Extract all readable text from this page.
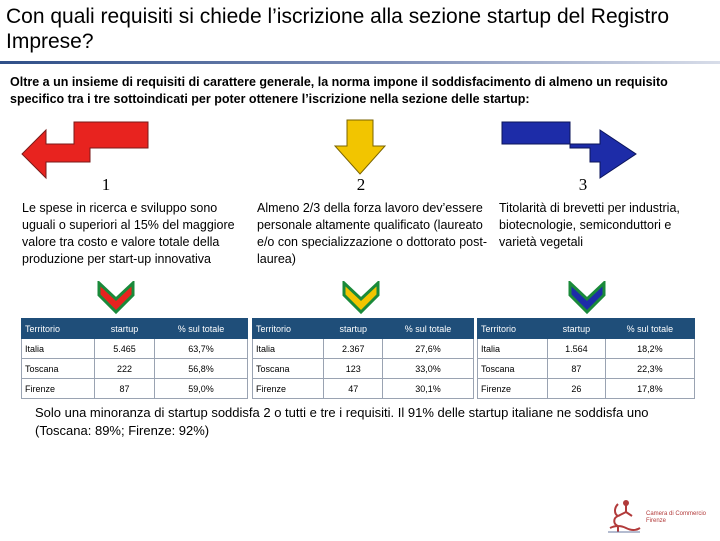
Con quali requisiti si chiede l’iscrizione alla sezione startup del Registro Imprese?
Oltre a un insieme di requisiti di carattere generale, la norma impone il soddisfacimento di almeno un requisito specifico tra i tre sottoindicati per poter ottenere l’iscrizione nella sezione delle startup:
1	2	3
Le spese in ricerca e sviluppo sono uguali o superiori al 15% del maggiore valore tra costo e valore totale della produzione per start-up innovativa
Almeno 2/3 della forza lavoro dev’essere personale altamente qualificato (laureato e/o con specializzazione o dottorato post-laurea)
Titolarità di brevetti per industria, biotecnologie, semiconduttori e varietà vegetali
Territorio	startup	% sul totale
Italia	5.465	63,7%
Toscana	222	56,8%
Firenze	87	59,0%
Territorio	startup	% sul totale
Italia	2.367	27,6%
Toscana	123	33,0%
Firenze	47	30,1%
Territorio	startup	% sul totale
Italia	1.564	18,2%
Toscana	87	22,3%
Firenze	26	17,8%
Solo una minoranza di startup soddisfa 2 o tutti e tre i requisiti. Il 91% delle startup italiane ne soddisfa uno (Toscana: 89%; Firenze: 92%)
Camera di Commercio Firenze
